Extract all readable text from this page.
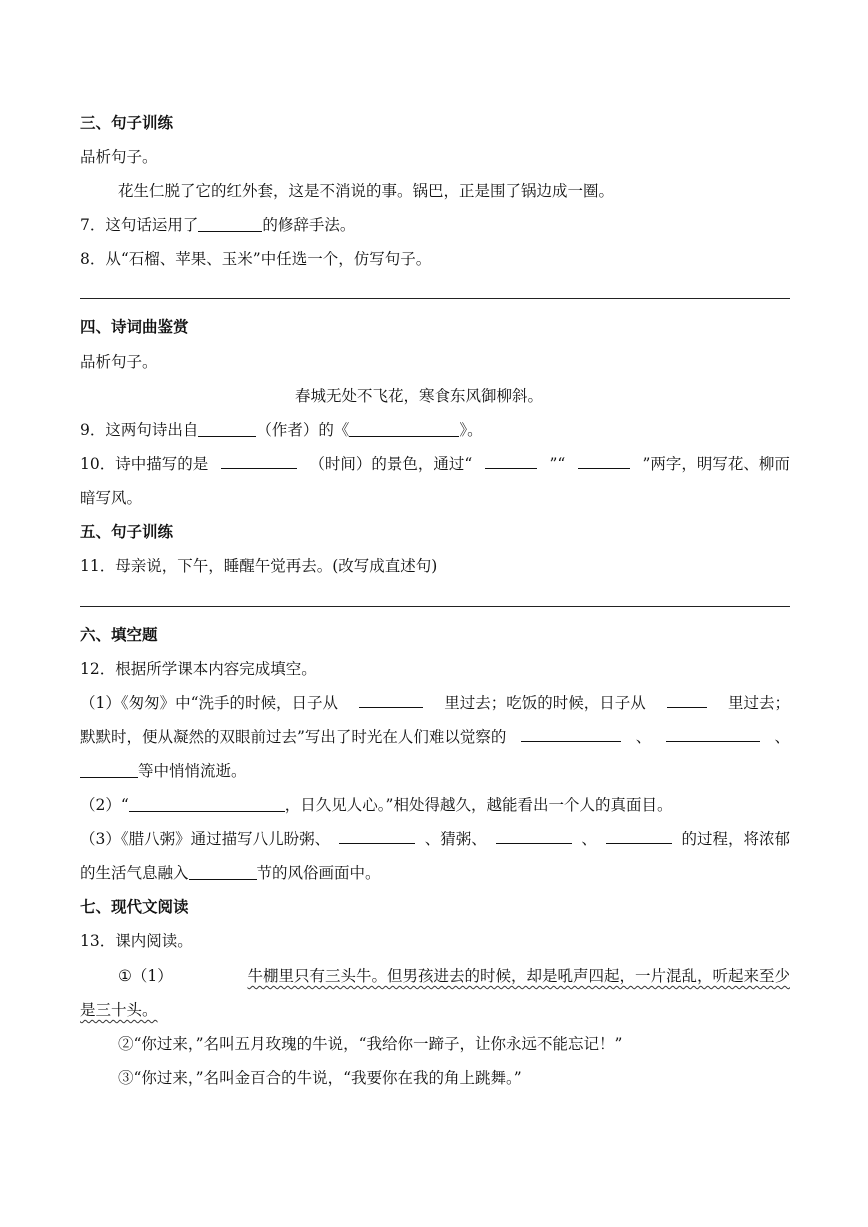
三、句子训练
品析句子。
花生仁脱了它的红外套，这是不消说的事。锅巴，正是围了锅边成一圈。
7．这句话运用了	的修辞手法。
8．从“石榴、苹果、玉米”中任选一个，仿写句子。
四、诗词曲鉴赏
品析句子。
春城无处不飞花，寒食东风御柳斜。
9．这两句诗出自	（作者）的《	》。
10．诗中描写的是	（时间）的景色，通过“	”“	”两字，明写花、柳而
暗写风。
五、句子训练
11．母亲说，下午，睡醒午觉再去。(改写成直述句)
六、填空题
12．根据所学课本内容完成填空。
（1）《匆匆》中“洗手的时候，日子从	里过去；吃饭的时候，日子从	里过去；
默默时，便从凝然的双眼前过去”写出了时光在人们难以觉察的	、	、
等中悄悄流逝。
（2）“	，日久见人心。”相处得越久，越能看出一个人的真面目。
（3）《腊八粥》通过描写八儿盼粥、	、猜粥、	、	的过程，将浓郁
的生活气息融入	节的风俗画面中。
七、现代文阅读
13．课内阅读。
①（1）	牛棚里只有三头牛。但男孩进去的时候，却是吼声四起，一片混乱，听起来至少
是三十头。
②“你过来，”名叫五月玫瑰的牛说，“我给你一蹄子，让你永远不能忘记！”
③“你过来，”名叫金百合的牛说，“我要你在我的角上跳舞。”
